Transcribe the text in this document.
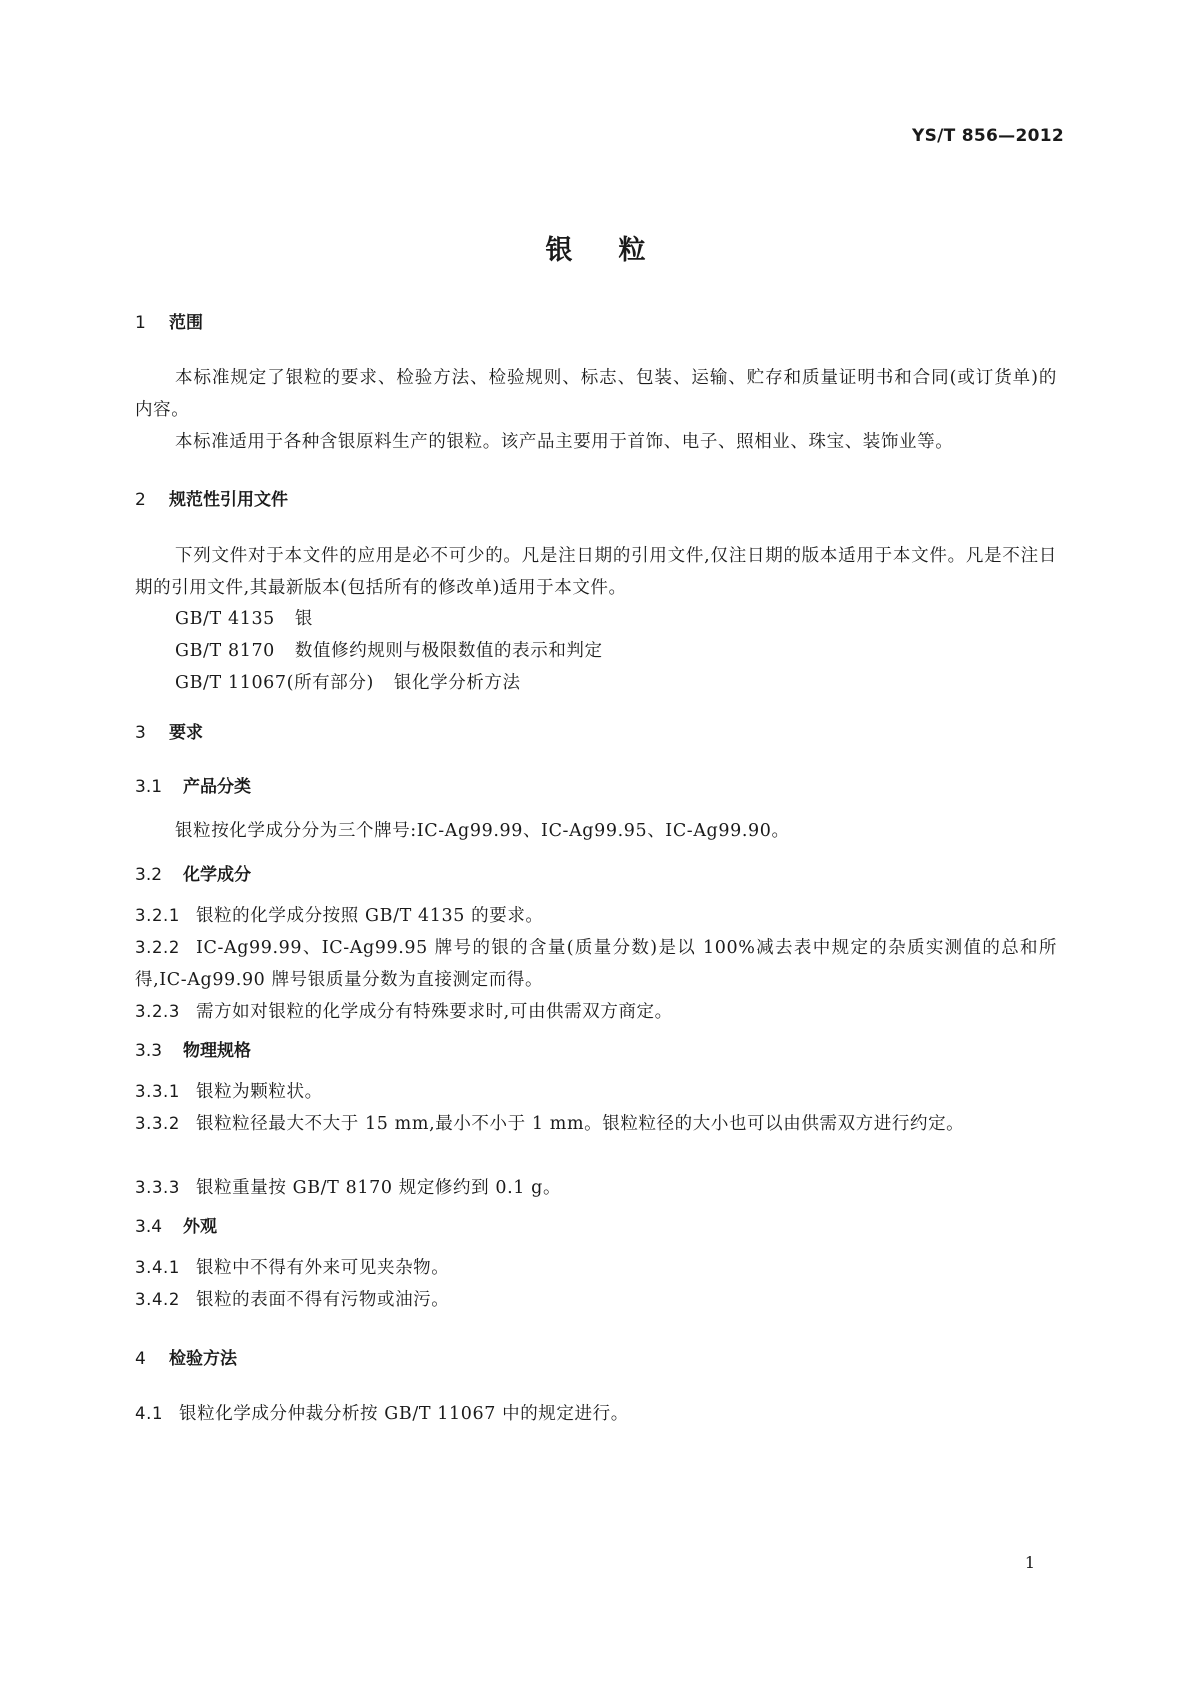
YS/T 856—2012
银粒
1 范围
本标准规定了银粒的要求、检验方法、检验规则、标志、包装、运输、贮存和质量证明书和合同(或订货单)的内容。
本标准适用于各种含银原料生产的银粒。该产品主要用于首饰、电子、照相业、珠宝、装饰业等。
2 规范性引用文件
下列文件对于本文件的应用是必不可少的。凡是注日期的引用文件,仅注日期的版本适用于本文件。凡是不注日期的引用文件,其最新版本(包括所有的修改单)适用于本文件。
GB/T 4135 银
GB/T 8170 数值修约规则与极限数值的表示和判定
GB/T 11067(所有部分) 银化学分析方法
3 要求
3.1 产品分类
银粒按化学成分分为三个牌号:IC-Ag99.99、IC-Ag99.95、IC-Ag99.90。
3.2 化学成分
3.2.1 银粒的化学成分按照 GB/T 4135 的要求。
3.2.2 IC-Ag99.99、IC-Ag99.95 牌号的银的含量(质量分数)是以 100%减去表中规定的杂质实测值的总和所得,IC-Ag99.90 牌号银质量分数为直接测定而得。
3.2.3 需方如对银粒的化学成分有特殊要求时,可由供需双方商定。
3.3 物理规格
3.3.1 银粒为颗粒状。
3.3.2 银粒粒径最大不大于 15 mm,最小不小于 1 mm。银粒粒径的大小也可以由供需双方进行约定。
3.3.3 银粒重量按 GB/T 8170 规定修约到 0.1 g。
3.4 外观
3.4.1 银粒中不得有外来可见夹杂物。
3.4.2 银粒的表面不得有污物或油污。
4 检验方法
4.1 银粒化学成分仲裁分析按 GB/T 11067 中的规定进行。
1
